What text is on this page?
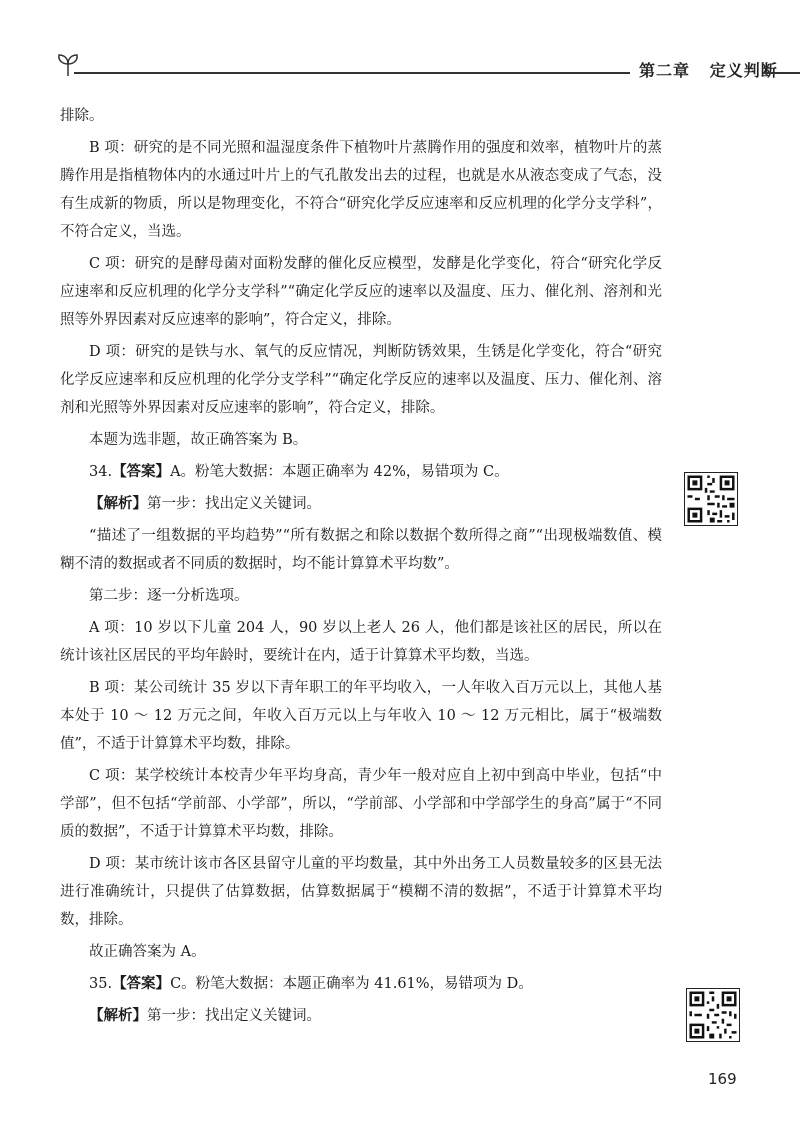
第二章 定义判断

排除。

B 项：研究的是不同光照和温湿度条件下植物叶片蒸腾作用的强度和效率，植物叶片的蒸腾作用是指植物体内的水通过叶片上的气孔散发出去的过程，也就是水从液态变成了气态，没有生成新的物质，所以是物理变化，不符合“研究化学反应速率和反应机理的化学分支学科”，不符合定义，当选。

C 项：研究的是酵母菌对面粉发酵的催化反应模型，发酵是化学变化，符合“研究化学反应速率和反应机理的化学分支学科”“确定化学反应的速率以及温度、压力、催化剂、溶剂和光照等外界因素对反应速率的影响”，符合定义，排除。

D 项：研究的是铁与水、氧气的反应情况，判断防锈效果，生锈是化学变化，符合“研究化学反应速率和反应机理的化学分支学科”“确定化学反应的速率以及温度、压力、催化剂、溶剂和光照等外界因素对反应速率的影响”，符合定义，排除。

本题为选非题，故正确答案为 B。

34.【答案】A。粉笔大数据：本题正确率为 42%，易错项为 C。

【解析】第一步：找出定义关键词。

“描述了一组数据的平均趋势”“所有数据之和除以数据个数所得之商”“出现极端数值、模糊不清的数据或者不同质的数据时，均不能计算算术平均数”。

第二步：逐一分析选项。

A 项：10 岁以下儿童 204 人，90 岁以上老人 26 人，他们都是该社区的居民，所以在统计该社区居民的平均年龄时，要统计在内，适于计算算术平均数，当选。

B 项：某公司统计 35 岁以下青年职工的年平均收入，一人年收入百万元以上，其他人基本处于 10 ～ 12 万元之间，年收入百万元以上与年收入 10 ～ 12 万元相比，属于“极端数值”，不适于计算算术平均数，排除。

C 项：某学校统计本校青少年平均身高，青少年一般对应自上初中到高中毕业，包括“中学部”，但不包括“学前部、小学部”，所以，“学前部、小学部和中学部学生的身高”属于“不同质的数据”，不适于计算算术平均数，排除。

D 项：某市统计该市各区县留守儿童的平均数量，其中外出务工人员数量较多的区县无法进行准确统计，只提供了估算数据，估算数据属于“模糊不清的数据”，不适于计算算术平均数，排除。

故正确答案为 A。

35.【答案】C。粉笔大数据：本题正确率为 41.61%，易错项为 D。

【解析】第一步：找出定义关键词。

169
